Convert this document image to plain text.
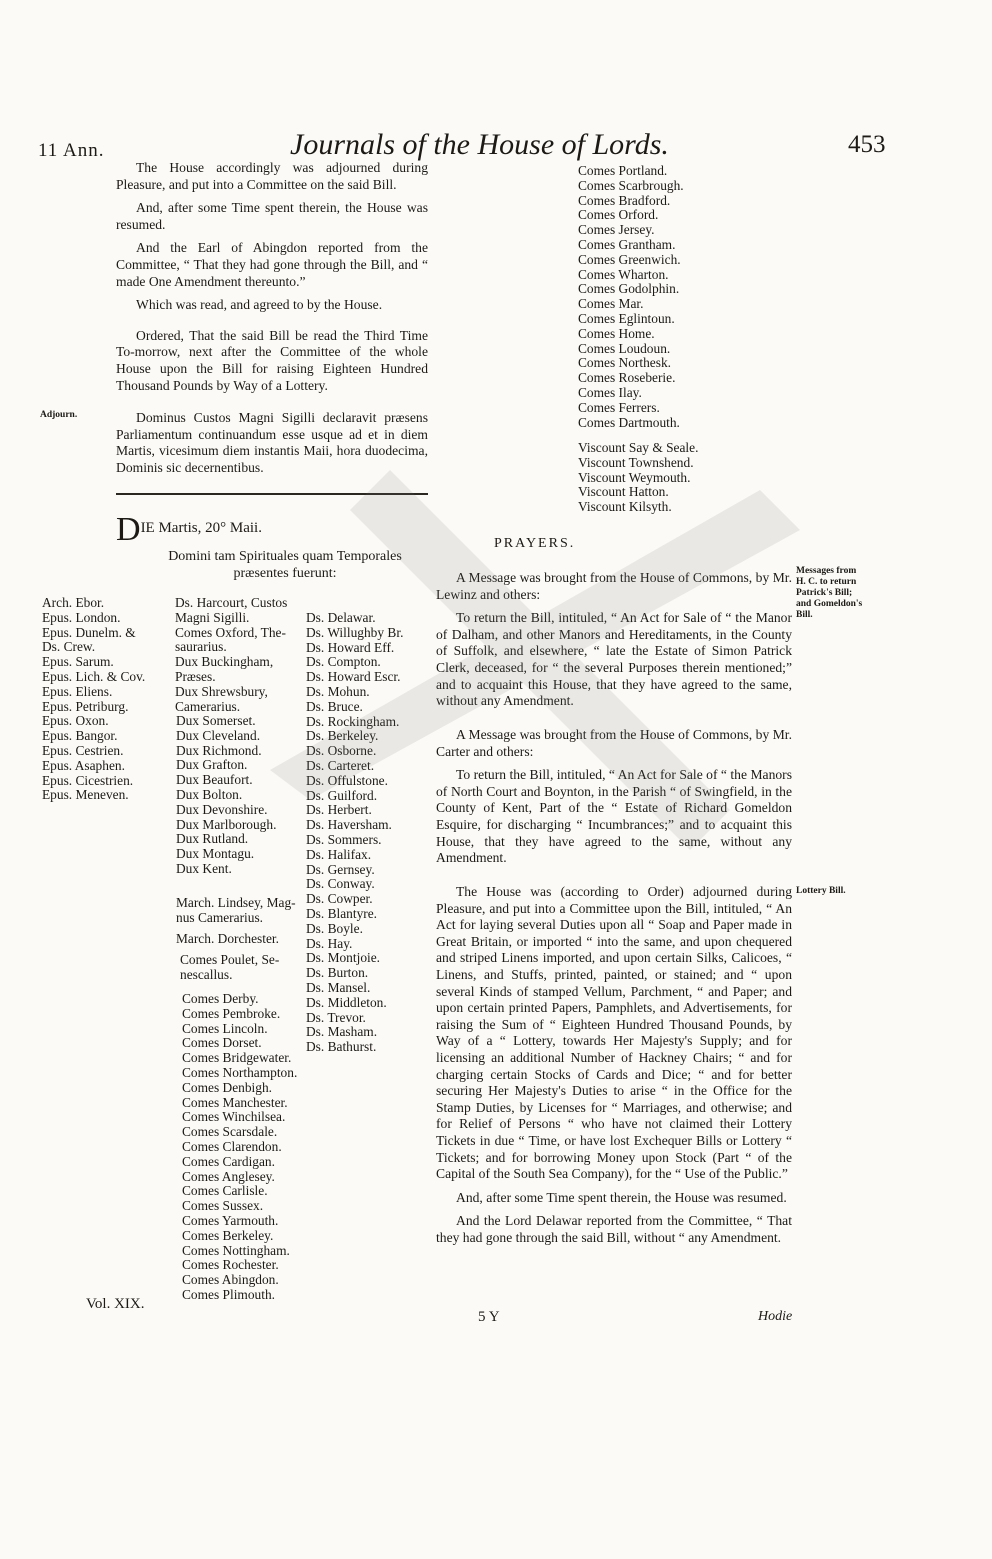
11 Ann.	Journals of the House of Lords.	453

The House accordingly was adjourned during Pleasure, and put into a Committee on the said Bill.

And, after some Time spent therein, the House was resumed.

And the Earl of Abingdon reported from the Committee, “ That they had gone through the Bill, and “ made One Amendment thereunto.”

Which was read, and agreed to by the House.

Ordered, That the said Bill be read the Third Time To-morrow, next after the Committee of the whole House upon the Bill for raising Eighteen Hundred Thousand Pounds by Way of a Lottery.

Adjourn.	Dominus Custos Magni Sigilli declaravit præsens Parliamentum continuandum esse usque ad et in diem Martis, vicesimum diem instantis Maii, hora duodecima, Dominis sic decernentibus.

DIE Martis, 20° Maii.
Domini tam Spirituales quam Temporales præsentes fuerunt:
Arch. Ebor.
Epus. London.
Epus. Dunelm. &
Ds. Crew.
Epus. Sarum.
Epus. Lich. & Cov.
Epus. Eliens.
Epus. Petriburg.
Epus. Oxon.
Epus. Bangor.
Epus. Cestrien.
Epus. Asaphen.
Epus. Cicestrien.
Epus. Meneven.
Ds. Harcourt, Custos
Magni Sigilli.
Comes Oxford, The-
saurarius.
Dux Buckingham,
Præses.
Dux Shrewsbury,
Camerarius.
Dux Somerset.
Dux Cleveland.
Dux Richmond.
Dux Grafton.
Dux Beaufort.
Dux Bolton.
Dux Devonshire.
Dux Marlborough.
Dux Rutland.
Dux Montagu.
Dux Kent.
March. Lindsey, Mag-
nus Camerarius.
March. Dorchester.
Comes Poulet, Se-
nescallus.
Comes Derby.
Comes Pembroke.
Comes Lincoln.
Comes Dorset.
Comes Bridgewater.
Comes Northampton.
Comes Denbigh.
Comes Manchester.
Comes Winchilsea.
Comes Scarsdale.
Comes Clarendon.
Comes Cardigan.
Comes Anglesey.
Comes Carlisle.
Comes Sussex.
Comes Yarmouth.
Comes Berkeley.
Comes Nottingham.
Comes Rochester.
Comes Abingdon.
Comes Plimouth.
Ds. Delawar.
Ds. Willughby Br.
Ds. Howard Eff.
Ds. Compton.
Ds. Howard Escr.
Ds. Mohun.
Ds. Bruce.
Ds. Rockingham.
Ds. Berkeley.
Ds. Osborne.
Ds. Carteret.
Ds. Offulstone.
Ds. Guilford.
Ds. Herbert.
Ds. Haversham.
Ds. Sommers.
Ds. Halifax.
Ds. Gernsey.
Ds. Conway.
Ds. Cowper.
Ds. Blantyre.
Ds. Boyle.
Ds. Hay.
Ds. Montjoie.
Ds. Burton.
Ds. Mansel.
Ds. Middleton.
Ds. Trevor.
Ds. Masham.
Ds. Bathurst.
Comes Portland.
Comes Scarbrough.
Comes Bradford.
Comes Orford.
Comes Jersey.
Comes Grantham.
Comes Greenwich.
Comes Wharton.
Comes Godolphin.
Comes Mar.
Comes Eglintoun.
Comes Home.
Comes Loudoun.
Comes Northesk.
Comes Roseberie.
Comes Ilay.
Comes Ferrers.
Comes Dartmouth.
Viscount Say & Seale.
Viscount Townshend.
Viscount Weymouth.
Viscount Hatton.
Viscount Kilsyth.
PRAYERS.
Messages from H. C. to return Patrick's Bill; and Gomeldon's Bill.

A Message was brought from the House of Commons, by Mr. Lewinz and others:

To return the Bill, intituled, “ An Act for Sale of “ the Manor of Dalham, and other Manors and Hereditaments, in the County of Suffolk, and elsewhere, “ late the Estate of Simon Patrick Clerk, deceased, for “ the several Purposes therein mentioned;” and to acquaint this House, that they have agreed to the same, without any Amendment.

A Message was brought from the House of Commons, by Mr. Carter and others:

To return the Bill, intituled, “ An Act for Sale of “ the Manors of North Court and Boynton, in the Parish “ of Swingfield, in the County of Kent, Part of the “ Estate of Richard Gomeldon Esquire, for discharging “ Incumbrances;” and to acquaint this House, that they have agreed to the same, without any Amendment.

Lottery Bill.

The House was (according to Order) adjourned during Pleasure, and put into a Committee upon the Bill, intituled, “ An Act for laying several Duties upon all “ Soap and Paper made in Great Britain, or imported “ into the same, and upon chequered and striped Linens imported, and upon certain Silks, Calicoes, “ Linens, and Stuffs, printed, painted, or stained; and “ upon several Kinds of stamped Vellum, Parchment, “ and Paper; and upon certain printed Papers, Pamphlets, and Advertisements, for raising the Sum of “ Eighteen Hundred Thousand Pounds, by Way of a “ Lottery, towards Her Majesty's Supply; and for licensing an additional Number of Hackney Chairs; “ and for charging certain Stocks of Cards and Dice; “ and for better securing Her Majesty's Duties to arise “ in the Office for the Stamp Duties, by Licenses for “ Marriages, and otherwise; and for Relief of Persons “ who have not claimed their Lottery Tickets in due “ Time, or have lost Exchequer Bills or Lottery “ Tickets; and for borrowing Money upon Stock (Part “ of the Capital of the South Sea Company), for the “ Use of the Public.”

And, after some Time spent therein, the House was resumed.

And the Lord Delawar reported from the Committee, “ That they had gone through the said Bill, without “ any Amendment.

Vol. XIX.
5 Y	Hodie
